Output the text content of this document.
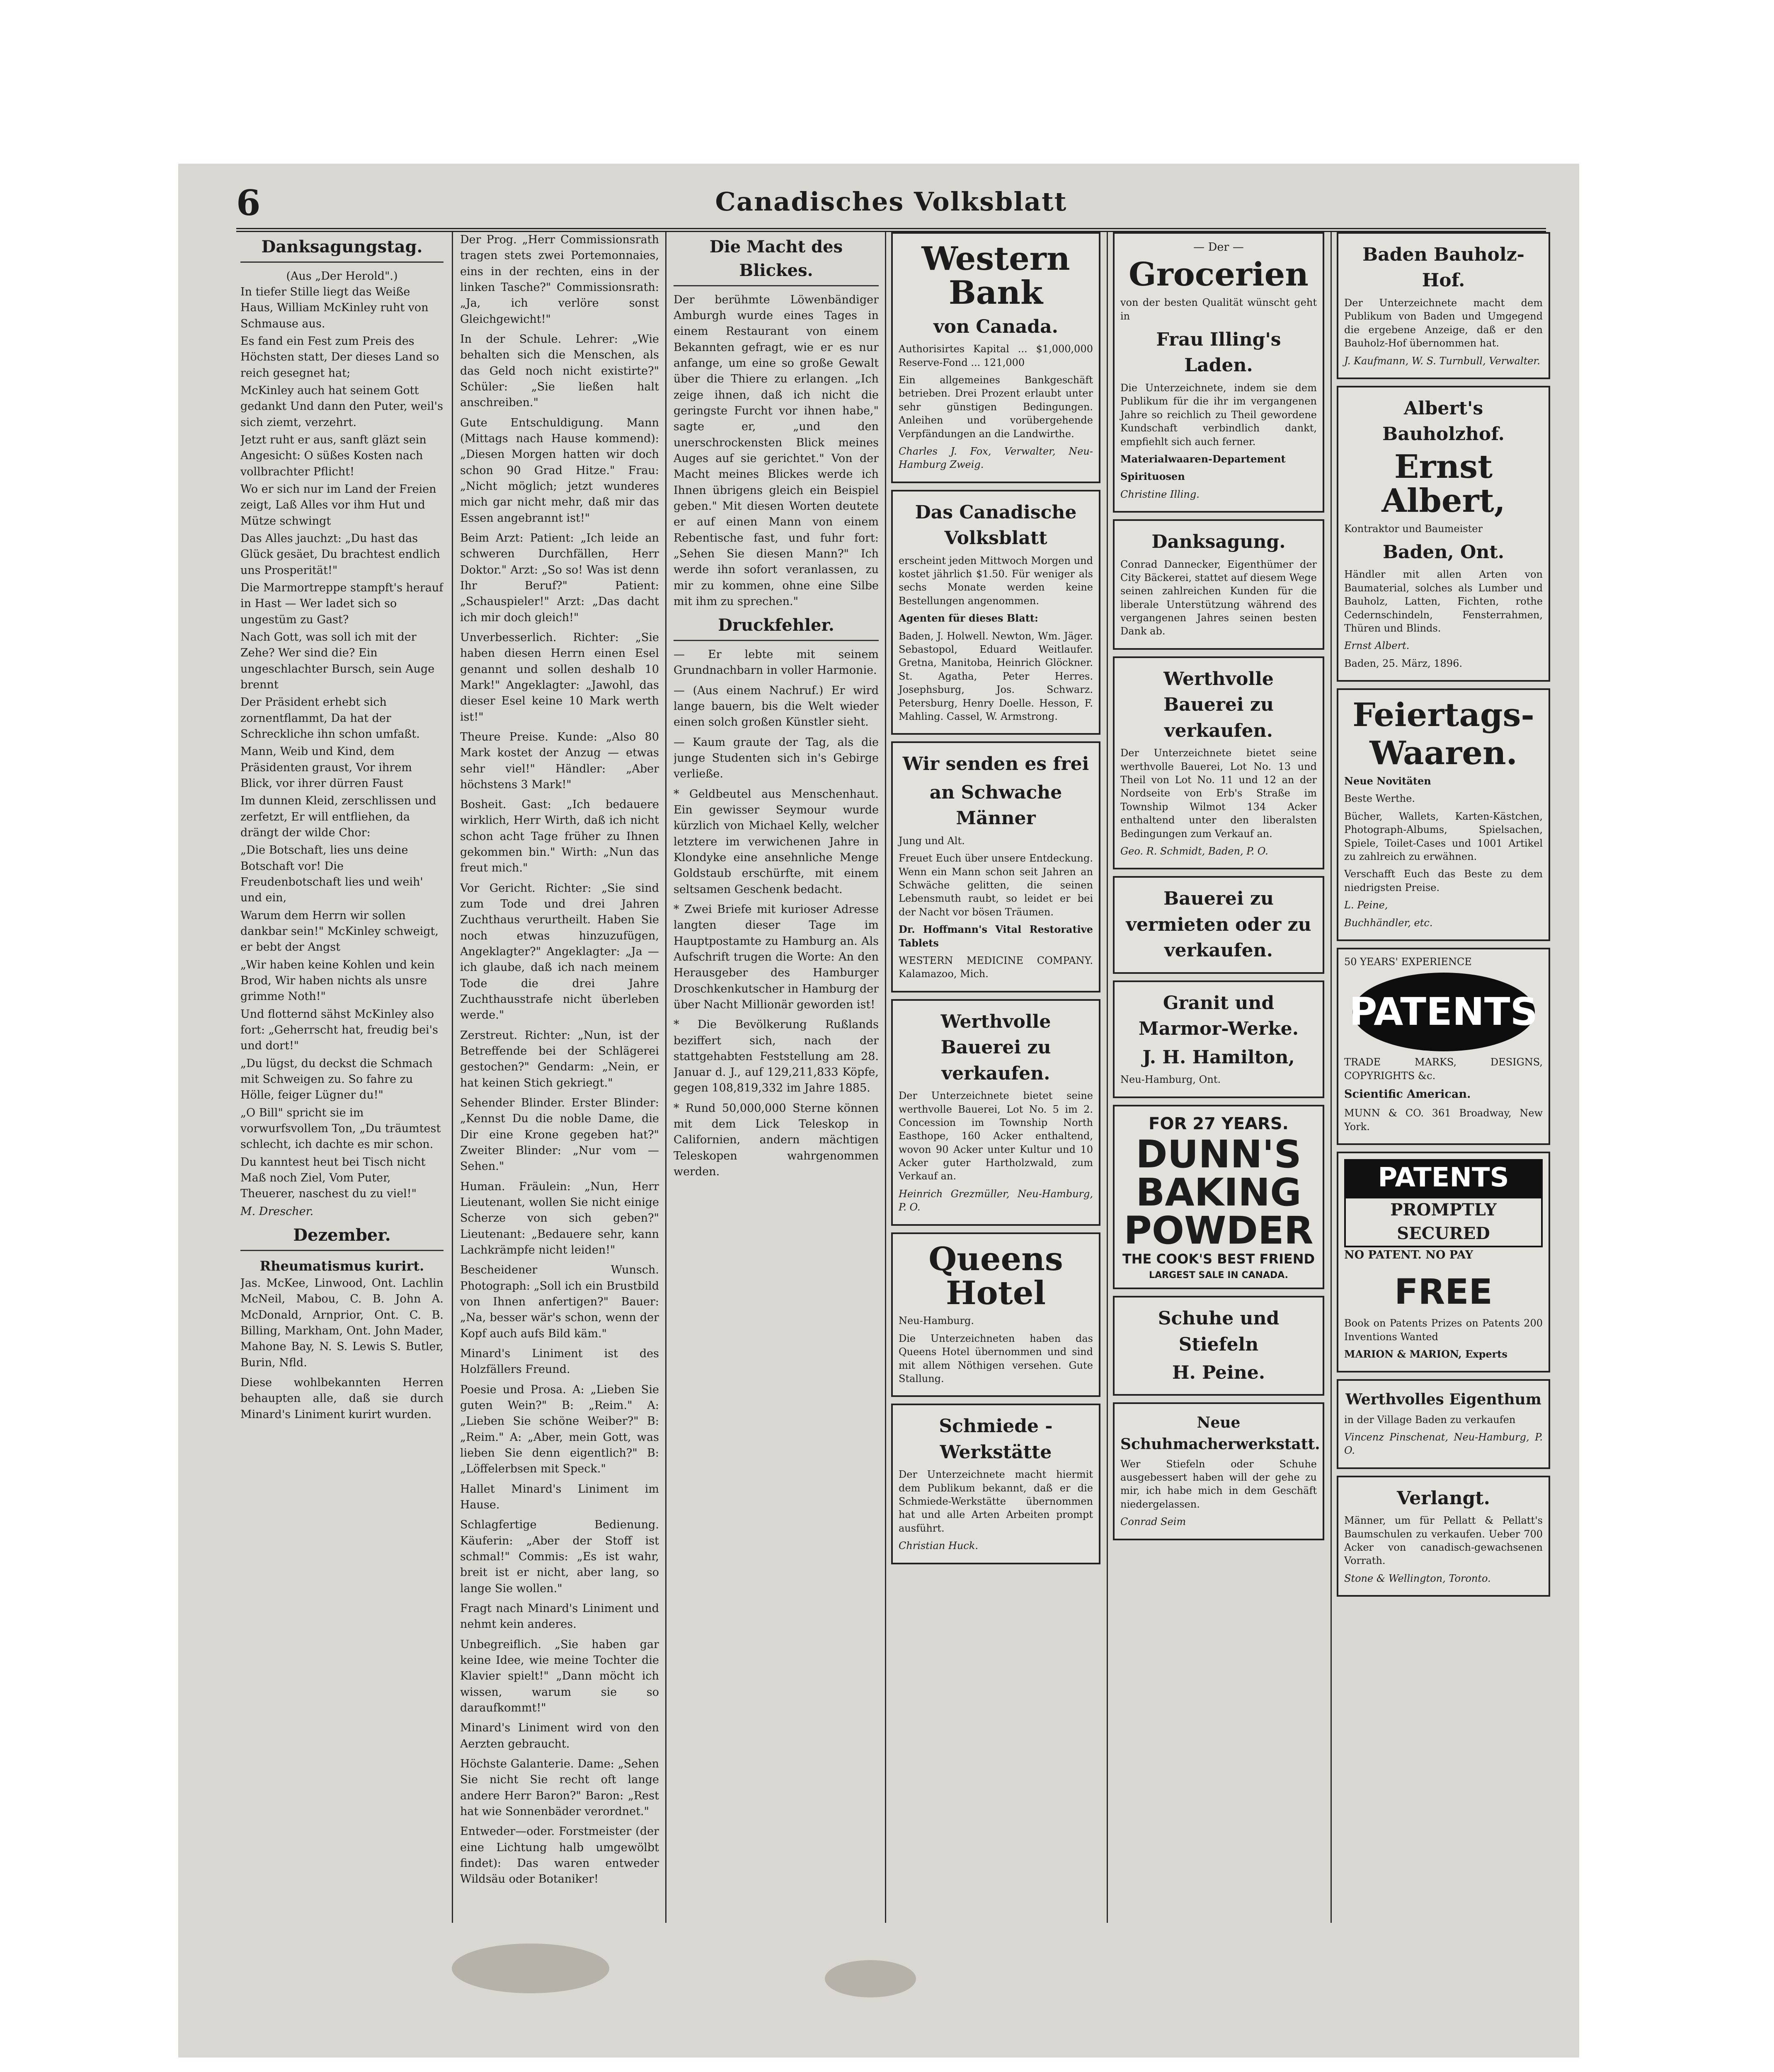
6	Canadisches Volksblatt
Danksagungstag.
(Aus „Der Herold".)

In tiefer Stille liegt das Weiße Haus, William McKinley ruht von Schmause aus.

Es fand ein Fest zum Preis des Höchsten statt, Der dieses Land so reich gesegnet hat;

McKinley auch hat seinem Gott gedankt Und dann den Puter, weil's sich ziemt, verzehrt.

Jetzt ruht er aus, sanft gläzt sein Angesicht: O süßes Kosten nach vollbrachter Pflicht!

Wo er sich nur im Land der Freien zeigt, Laß Alles vor ihm Hut und Mütze schwingt

Das Alles jauchzt: „Du hast das Glück gesäet, Du brachtest endlich uns Prosperität!"

Die Marmortreppe stampft's herauf in Hast — Wer ladet sich so ungestüm zu Gast?

Nach Gott, was soll ich mit der Zehe? Wer sind die? Ein ungeschlachter Bursch, sein Auge brennt

Der Präsident erhebt sich zornentflammt, Da hat der Schreckliche ihn schon umfaßt.

Mann, Weib und Kind, dem Präsidenten graust, Vor ihrem Blick, vor ihrer dürren Faust

Im dunnen Kleid, zerschlissen und zerfetzt, Er will entfliehen, da drängt der wilde Chor:

„Die Botschaft, lies uns deine Botschaft vor! Die Freudenbotschaft lies und weih' und ein,

Warum dem Herrn wir sollen dankbar sein!" McKinley schweigt, er bebt der Angst

„Wir haben keine Kohlen und kein Brod, Wir haben nichts als unsre grimme Noth!"

Und flotternd sähst McKinley also fort: „Geherrscht hat, freudig bei's und dort!"

„Du lügst, du deckst die Schmach mit Schweigen zu. So fahre zu Hölle, feiger Lügner du!"

„O Bill" spricht sie im vorwurfsvollem Ton, „Du träumtest schlecht, ich dachte es mir schon.

Du kanntest heut bei Tisch nicht Maß noch Ziel, Vom Puter, Theuerer, naschest du zu viel!"

M. Drescher.

Dezember.
Rheumatismus kurirt.

Jas. McKee, Linwood, Ont. Lachlin McNeil, Mabou, C. B. John A. McDonald, Arnprior, Ont. C. B. Billing, Markham, Ont. John Mader, Mahone Bay, N. S. Lewis S. Butler, Burin, Nfld.

Diese wohlbekannten Herren behaupten alle, daß sie durch Minard's Liniment kurirt wurden.

Der Prog. „Herr Commissionsrath tragen stets zwei Portemonnaies, eins in der rechten, eins in der linken Tasche?" Commissionsrath: „Ja, ich verlöre sonst Gleichgewicht!"

In der Schule. Lehrer: „Wie behalten sich die Menschen, als das Geld noch nicht existirte?" Schüler: „Sie ließen halt anschreiben."

Gute Entschuldigung. Mann (Mittags nach Hause kommend): „Diesen Morgen hatten wir doch schon 90 Grad Hitze." Frau: „Nicht möglich; jetzt wunderes mich gar nicht mehr, daß mir das Essen angebrannt ist!"

Beim Arzt: Patient: „Ich leide an schweren Durchfällen, Herr Doktor." Arzt: „So so! Was ist denn Ihr Beruf?" Patient: „Schauspieler!" Arzt: „Das dacht ich mir doch gleich!"

Unverbesserlich. Richter: „Sie haben diesen Herrn einen Esel genannt und sollen deshalb 10 Mark!" Angeklagter: „Jawohl, das dieser Esel keine 10 Mark werth ist!"

Theure Preise. Kunde: „Also 80 Mark kostet der Anzug — etwas sehr viel!" Händler: „Aber höchstens 3 Mark!"

Bosheit. Gast: „Ich bedauere wirklich, Herr Wirth, daß ich nicht schon acht Tage früher zu Ihnen gekommen bin." Wirth: „Nun das freut mich."

Vor Gericht. Richter: „Sie sind zum Tode und drei Jahren Zuchthaus verurtheilt. Haben Sie noch etwas hinzuzufügen, Angeklagter?" Angeklagter: „Ja — ich glaube, daß ich nach meinem Tode die drei Jahre Zuchthausstrafe nicht überleben werde."

Zerstreut. Richter: „Nun, ist der Betreffende bei der Schlägerei gestochen?" Gendarm: „Nein, er hat keinen Stich gekriegt."

Sehender Blinder. Erster Blinder: „Kennst Du die noble Dame, die Dir eine Krone gegeben hat?" Zweiter Blinder: „Nur vom — Sehen."

Human. Fräulein: „Nun, Herr Lieutenant, wollen Sie nicht einige Scherze von sich geben?" Lieutenant: „Bedauere sehr, kann Lachkrämpfe nicht leiden!"

Bescheidener Wunsch. Photograph: „Soll ich ein Brustbild von Ihnen anfertigen?" Bauer: „Na, besser wär's schon, wenn der Kopf auch aufs Bild käm."

Minard's Liniment ist des Holzfällers Freund.

Poesie und Prosa. A: „Lieben Sie guten Wein?" B: „Reim." A: „Lieben Sie schöne Weiber?" B: „Reim." A: „Aber, mein Gott, was lieben Sie denn eigentlich?" B: „Löffelerbsen mit Speck."

Hallet Minard's Liniment im Hause.

Schlagfertige Bedienung. Käuferin: „Aber der Stoff ist schmal!" Commis: „Es ist wahr, breit ist er nicht, aber lang, so lange Sie wollen."

Fragt nach Minard's Liniment und nehmt kein anderes.

Unbegreiflich. „Sie haben gar keine Idee, wie meine Tochter die Klavier spielt!" „Dann möcht ich wissen, warum sie so daraufkommt!"

Minard's Liniment wird von den Aerzten gebraucht.

Höchste Galanterie. Dame: „Sehen Sie nicht Sie recht oft lange andere Herr Baron?" Baron: „Rest hat wie Sonnenbäder verordnet."

Entweder—oder. Forstmeister (der eine Lichtung halb umgewölbt findet): Das waren entweder Wildsäu oder Botaniker!

Die Macht des Blickes.

Der berühmte Löwenbändiger Amburgh wurde eines Tages in einem Restaurant von einem Bekannten gefragt, wie er es nur anfange, um eine so große Gewalt über die Thiere zu erlangen. „Ich zeige ihnen, daß ich nicht die geringste Furcht vor ihnen habe," sagte er, „und den unerschrockensten Blick meines Auges auf sie gerichtet." Von der Macht meines Blickes werde ich Ihnen übrigens gleich ein Beispiel geben." Mit diesen Worten deutete er auf einen Mann von einem Rebentische fast, und fuhr fort: „Sehen Sie diesen Mann?" Ich werde ihn sofort veranlassen, zu mir zu kommen, ohne eine Silbe mit ihm zu sprechen."

Druckfehler.

— Er lebte mit seinem Grundnachbarn in voller Harmonie.

— (Aus einem Nachruf.) Er wird lange bauern, bis die Welt wieder einen solch großen Künstler sieht.

— Kaum graute der Tag, als die junge Studenten sich in's Gebirge verließe.

* Geldbeutel aus Menschenhaut. Ein gewisser Seymour wurde kürzlich von Michael Kelly, welcher letztere im verwichenen Jahre in Klondyke eine ansehnliche Menge Goldstaub erschürfte, mit einem seltsamen Geschenk bedacht.

* Zwei Briefe mit kurioser Adresse langten dieser Tage im Hauptpostamte zu Hamburg an. Als Aufschrift trugen die Worte: An den Herausgeber des Hamburger Droschkenkutscher in Hamburg der über Nacht Millionär geworden ist!

* Die Bevölkerung Rußlands beziffert sich, nach der stattgehabten Feststellung am 28. Januar d. J., auf 129,211,833 Köpfe, gegen 108,819,332 im Jahre 1885.

* Rund 50,000,000 Sterne können mit dem Lick Teleskop in Californien, andern mächtigen Teleskopen wahrgenommen werden.

Western Bank
von Canada.

Authorisirtes Kapital ... $1,000,000 Reserve-Fond ... 121,000

Ein allgemeines Bankgeschäft betrieben. Drei Prozent erlaubt unter sehr günstigen Bedingungen. Anleihen und vorübergehende Verpfändungen an die Landwirthe.

Charles J. Fox, Verwalter, Neu-Hamburg Zweig.

Das Canadische Volksblatt

erscheint jeden Mittwoch Morgen und kostet jährlich $1.50. Für weniger als sechs Monate werden keine Bestellungen angenommen.

Agenten für dieses Blatt:

Baden, J. Holwell. Newton, Wm. Jäger. Sebastopol, Eduard Weitlaufer. Gretna, Manitoba, Heinrich Glöckner. St. Agatha, Peter Herres. Josephsburg, Jos. Schwarz. Petersburg, Henry Doelle. Hesson, F. Mahling. Cassel, W. Armstrong.

Wir senden es frei
an Schwache Männer

Jung und Alt.

Freuet Euch über unsere Entdeckung. Wenn ein Mann schon seit Jahren an Schwäche gelitten, die seinen Lebensmuth raubt, so leidet er bei der Nacht vor bösen Träumen.

Dr. Hoffmann's Vital Restorative Tablets

WESTERN MEDICINE COMPANY. Kalamazoo, Mich.

Werthvolle Bauerei zu verkaufen.

Der Unterzeichnete bietet seine werthvolle Bauerei, Lot No. 5 im 2. Concession im Township North Easthope, 160 Acker enthaltend, wovon 90 Acker unter Kultur und 10 Acker guter Hartholzwald, zum Verkauf an.

Heinrich Grezmüller, Neu-Hamburg, P. O.

Queens Hotel

Neu-Hamburg.

Die Unterzeichneten haben das Queens Hotel übernommen und sind mit allem Nöthigen versehen. Gute Stallung.

Schmiede - Werkstätte

Der Unterzeichnete macht hiermit dem Publikum bekannt, daß er die Schmiede-Werkstätte übernommen hat und alle Arten Arbeiten prompt ausführt.

Christian Huck.

— Der —
Grocerien

von der besten Qualität wünscht geht in

Frau Illing's Laden.

Die Unterzeichnete, indem sie dem Publikum für die ihr im vergangenen Jahre so reichlich zu Theil gewordene Kundschaft verbindlich dankt, empfiehlt sich auch ferner.

Materialwaaren-Departement

Spirituosen

Christine Illing.

Danksagung.

Conrad Dannecker, Eigenthümer der City Bäckerei, stattet auf diesem Wege seinen zahlreichen Kunden für die liberale Unterstützung während des vergangenen Jahres seinen besten Dank ab.

Werthvolle Bauerei zu verkaufen.

Der Unterzeichnete bietet seine werthvolle Bauerei, Lot No. 13 und Theil von Lot No. 11 und 12 an der Nordseite von Erb's Straße im Township Wilmot 134 Acker enthaltend unter den liberalsten Bedingungen zum Verkauf an.

Geo. R. Schmidt, Baden, P. O.

Bauerei zu vermieten oder zu verkaufen.
Granit und Marmor-Werke.
J. H. Hamilton,

Neu-Hamburg, Ont.

FOR 27 YEARS.
DUNN'S
BAKING
POWDER
THE COOK'S BEST FRIEND
LARGEST SALE IN CANADA.
Schuhe und Stiefeln
H. Peine.
Neue Schuhmacherwerkstatt.

Wer Stiefeln oder Schuhe ausgebessert haben will der gehe zu mir, ich habe mich in dem Geschäft niedergelassen.

Conrad Seim

Baden Bauholz-Hof.

Der Unterzeichnete macht dem Publikum von Baden und Umgegend die ergebene Anzeige, daß er den Bauholz-Hof übernommen hat.

J. Kaufmann, W. S. Turnbull, Verwalter.

Albert's Bauholzhof.
Ernst Albert,

Kontraktor und Baumeister

Baden, Ont.

Händler mit allen Arten von Baumaterial, solches als Lumber und Bauholz, Latten, Fichten, rothe Cedernschindeln, Fensterrahmen, Thüren und Blinds.

Ernst Albert.

Baden, 25. März, 1896.

Feiertags-
Waaren.

Neue Novitäten

Beste Werthe.

Bücher, Wallets, Karten-Kästchen, Photograph-Albums, Spielsachen, Spiele, Toilet-Cases und 1001 Artikel zu zahlreich zu erwähnen.

Verschafft Euch das Beste zu dem niedrigsten Preise.

L. Peine,

Buchhändler, etc.

50 YEARS' EXPERIENCE

PATENTS

TRADE MARKS, DESIGNS, COPYRIGHTS &c.

Scientific American.

MUNN & CO. 361 Broadway, New York.

PATENTS
PROMPTLY SECURED

NO PATENT. NO PAY

FREE

Book on Patents Prizes on Patents 200 Inventions Wanted

MARION & MARION, Experts

Werthvolles Eigenthum

in der Village Baden zu verkaufen

Vincenz Pinschenat, Neu-Hamburg, P. O.

Verlangt.

Männer, um für Pellatt & Pellatt's Baumschulen zu verkaufen. Ueber 700 Acker von canadisch-gewachsenen Vorrath.

Stone & Wellington, Toronto.
